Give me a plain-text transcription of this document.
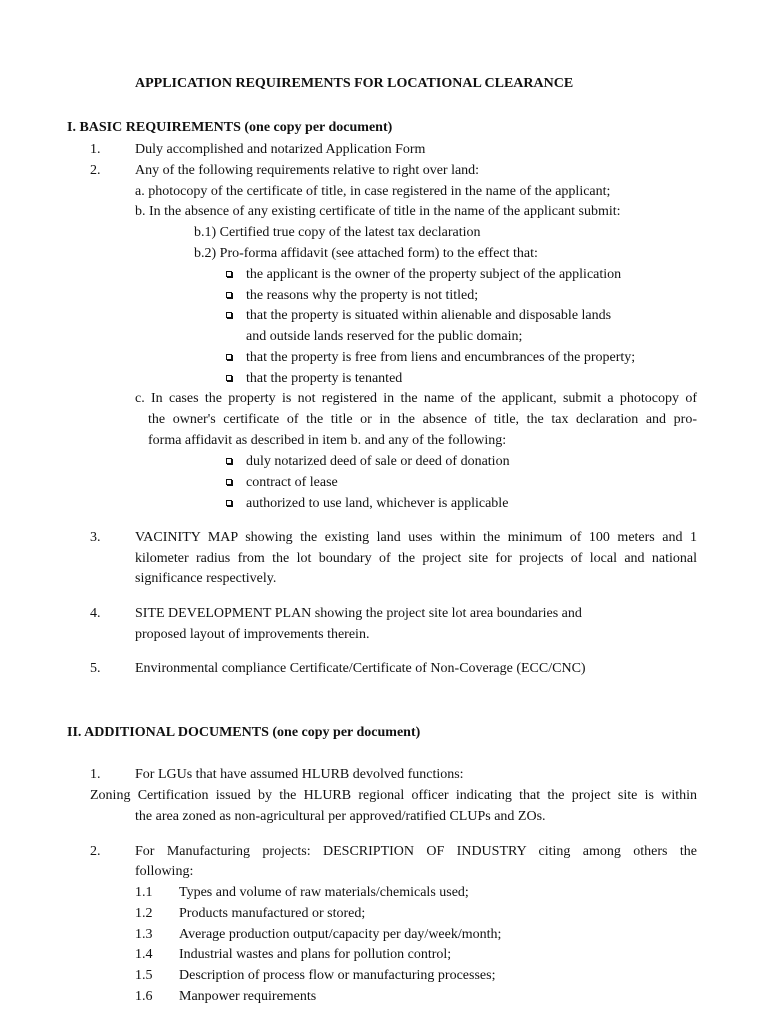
APPLICATION REQUIREMENTS FOR LOCATIONAL CLEARANCE
I. BASIC REQUIREMENTS (one copy per document)
1. Duly accomplished and notarized Application Form
2. Any of the following requirements relative to right over land:
a. photocopy of the certificate of title, in case registered in the name of the applicant;
b. In the absence of any existing certificate of title in the name of the applicant submit:
b.1) Certified true copy of the latest tax declaration
b.2) Pro-forma affidavit (see attached form) to the effect that:
the applicant is the owner of the property subject of the application
the reasons why the property is not titled;
that the property is situated within alienable and disposable lands
and outside lands reserved for the public domain;
that the property is free from liens and encumbrances of the property;
that the property is tenanted
c. In cases the property is not registered in the name of the applicant, submit a photocopy of
the owner's certificate of the title or in the absence of title, the tax declaration and pro-
forma affidavit as described in item b. and any of the following:
duly notarized deed of sale or deed of donation
contract of lease
authorized to use land, whichever is applicable
3. VACINITY MAP showing the existing land uses within the minimum of 100 meters and 1
kilometer radius from the lot boundary of the project site for projects of local and national
significance respectively.
4. SITE DEVELOPMENT PLAN showing the project site lot area boundaries and
proposed layout of improvements therein.
5. Environmental compliance Certificate/Certificate of Non-Coverage (ECC/CNC)
II. ADDITIONAL DOCUMENTS (one copy per document)
1. For LGUs that have assumed HLURB devolved functions:
Zoning Certification issued by the HLURB regional officer indicating that the project site is within
the area zoned as non-agricultural per approved/ratified CLUPs and ZOs.
2. For Manufacturing projects: DESCRIPTION OF INDUSTRY citing among others the
following:
1.1 Types and volume of raw materials/chemicals used;
1.2 Products manufactured or stored;
1.3 Average production output/capacity per day/week/month;
1.4 Industrial wastes and plans for pollution control;
1.5 Description of process flow or manufacturing processes;
1.6 Manpower requirements
